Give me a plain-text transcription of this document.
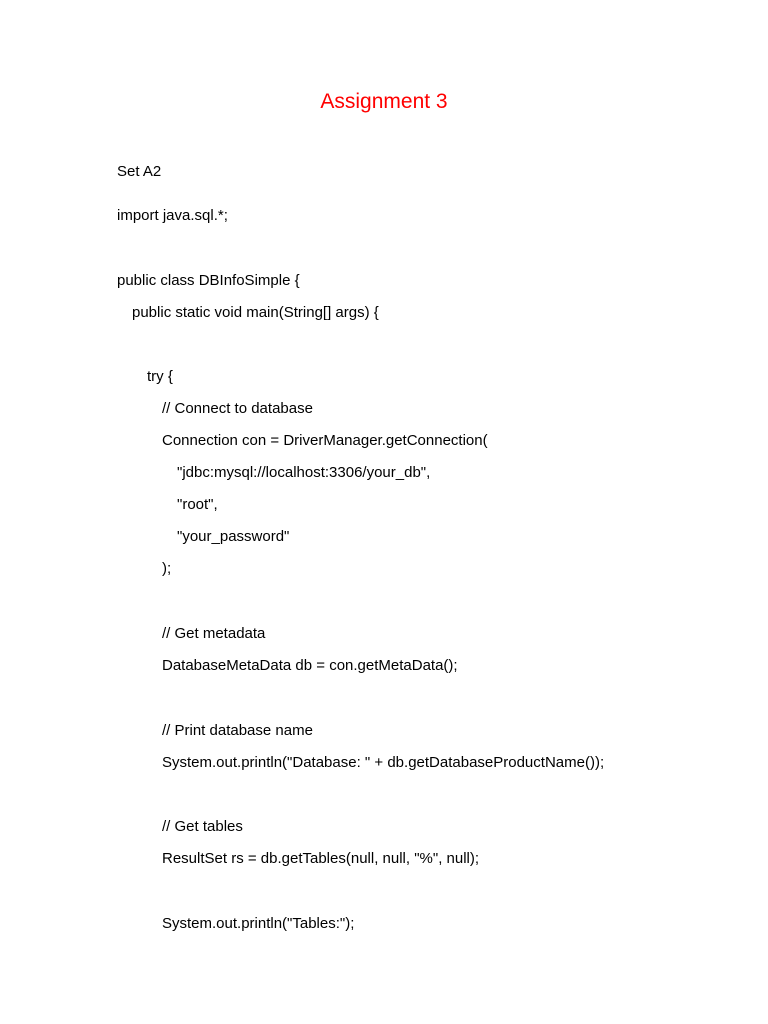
Assignment 3
Set A2
import java.sql.*;
public class DBInfoSimple {
public static void main(String[] args) {
try {
// Connect to database
Connection con = DriverManager.getConnection(
"jdbc:mysql://localhost:3306/your_db",
"root",
"your_password"
);
// Get metadata
DatabaseMetaData db = con.getMetaData();
// Print database name
System.out.println("Database: " + db.getDatabaseProductName());
// Get tables
ResultSet rs = db.getTables(null, null, "%", null);
System.out.println("Tables:");
